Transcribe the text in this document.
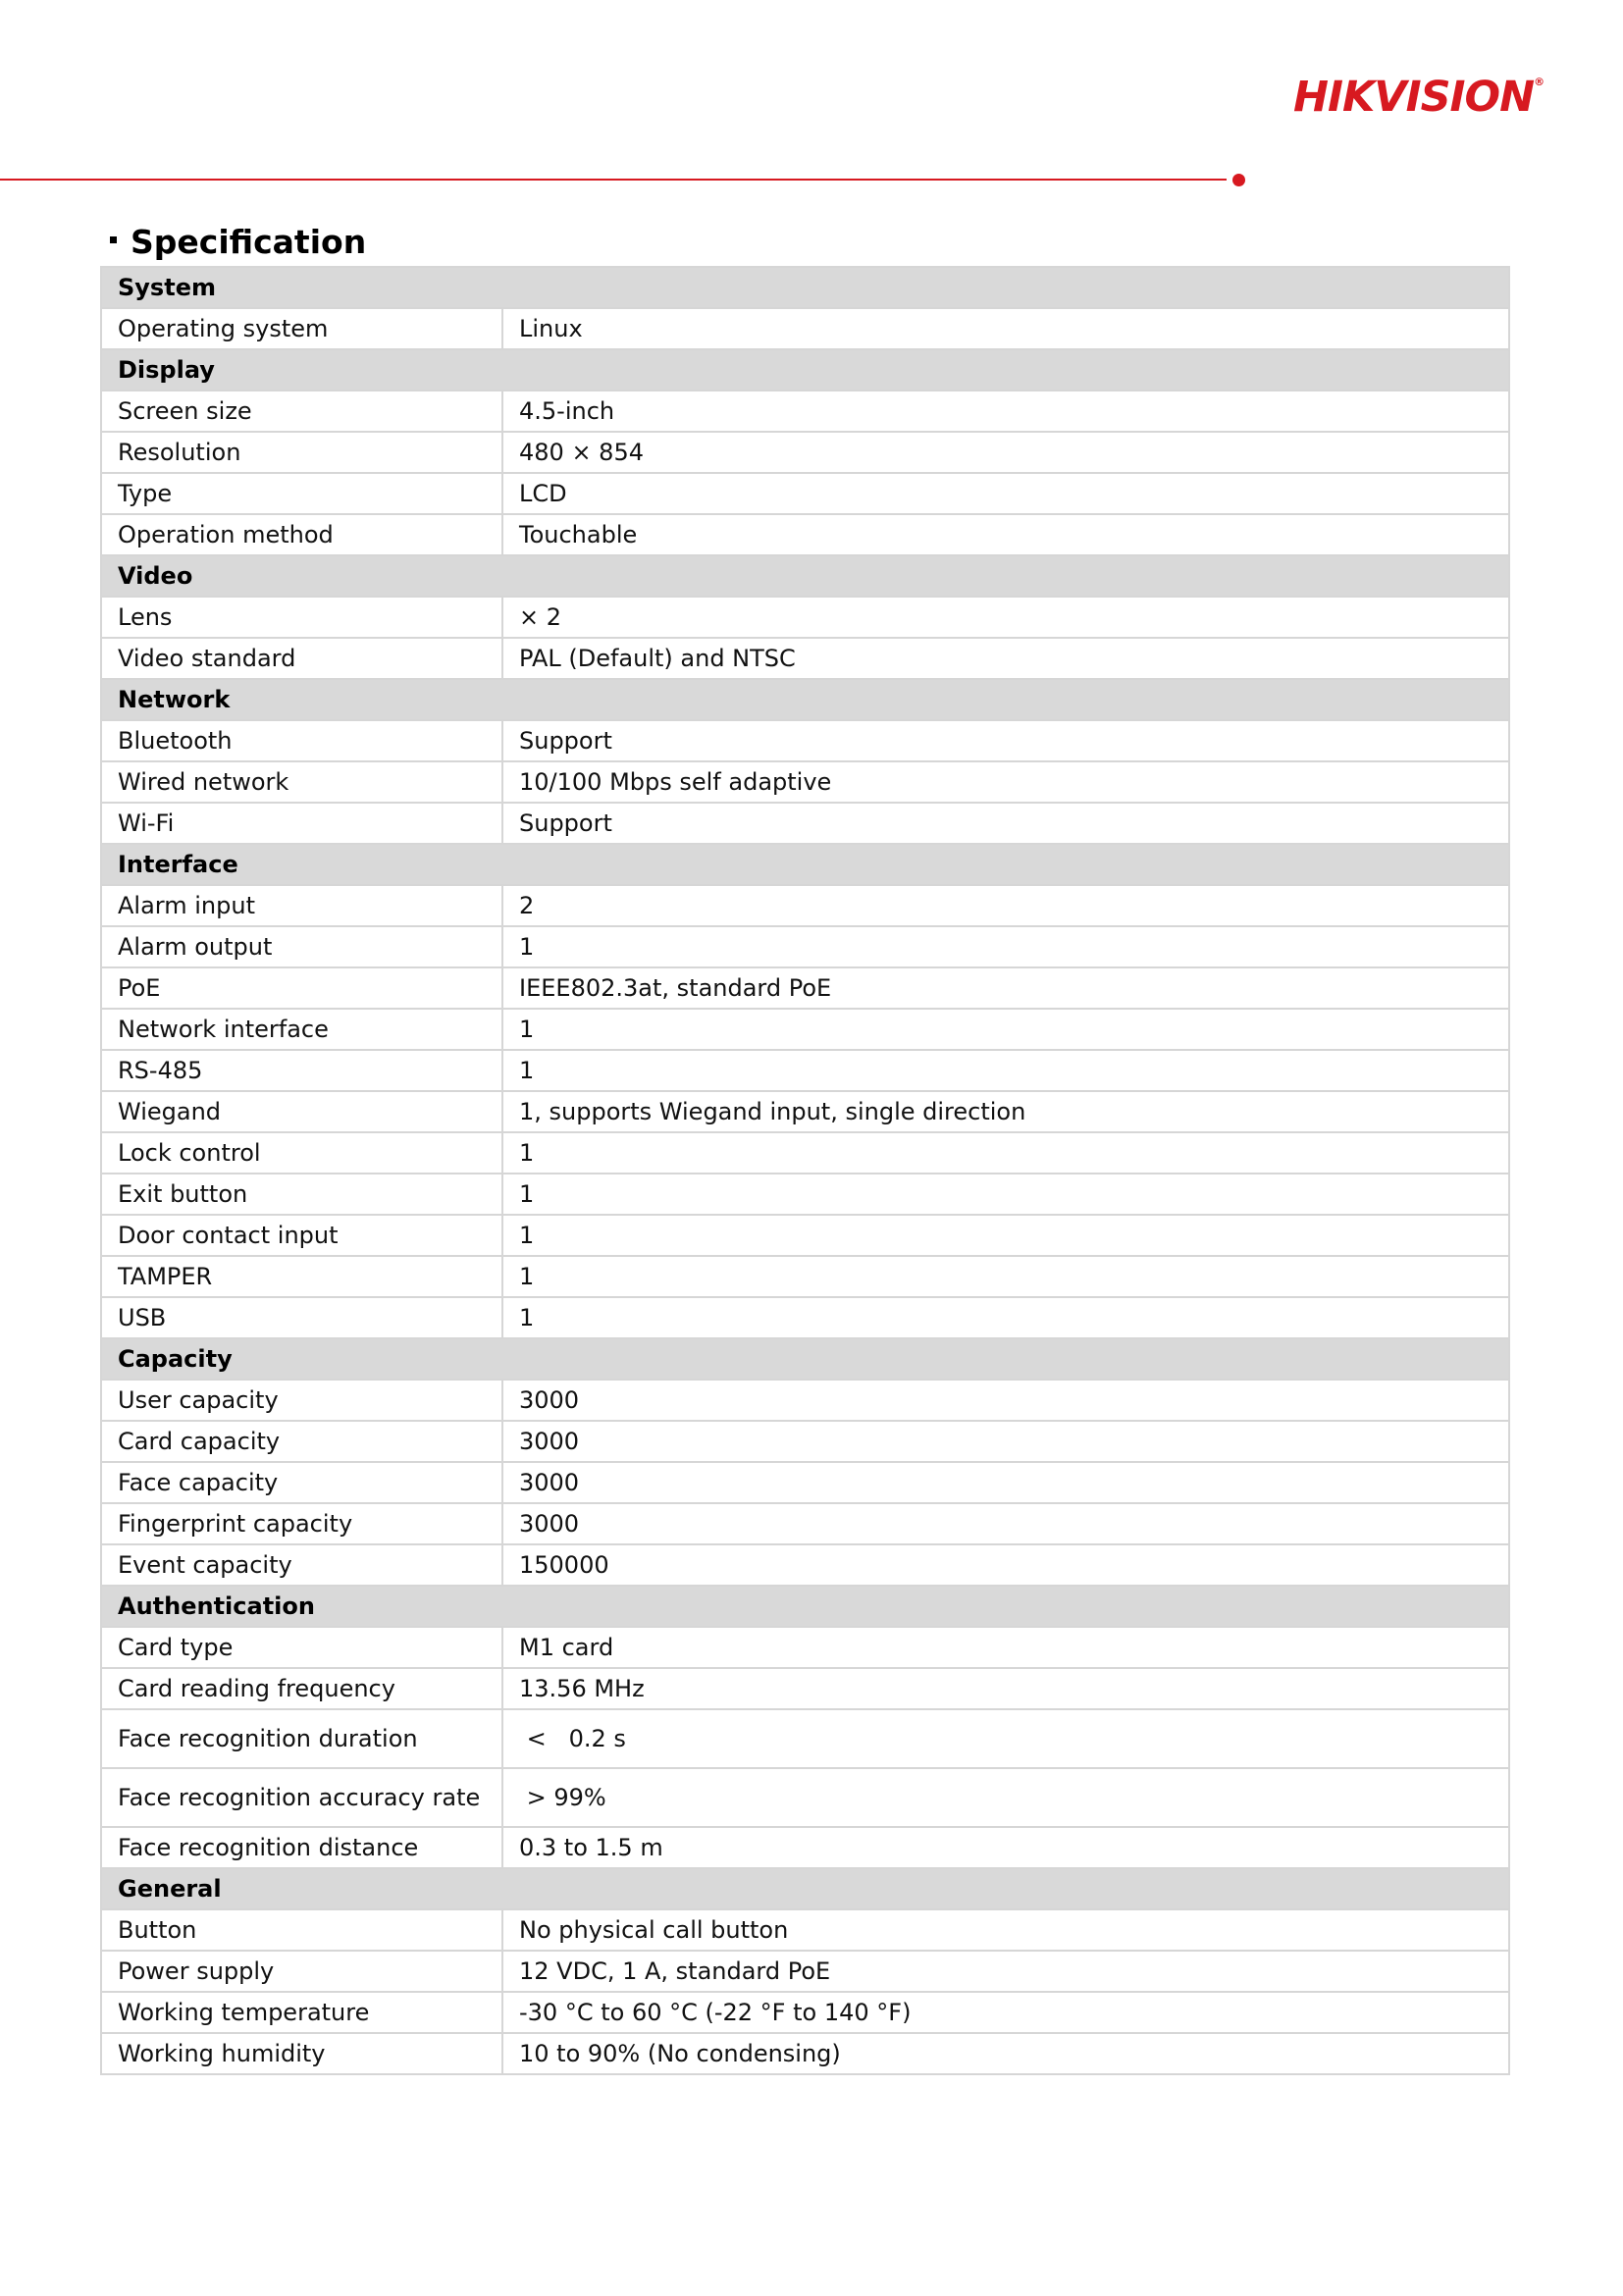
HIKVISION®
Specification
System	
Operating system	Linux
Display	
Screen size	4.5-inch
Resolution	480 × 854
Type	LCD
Operation method	Touchable
Video	
Lens	× 2
Video standard	PAL (Default) and NTSC
Network	
Bluetooth	Support
Wired network	10/100 Mbps self adaptive
Wi-Fi	Support
Interface	
Alarm input	2
Alarm output	1
PoE	IEEE802.3at, standard PoE
Network interface	1
RS-485	1
Wiegand	1, supports Wiegand input, single direction
Lock control	1
Exit button	1
Door contact input	1
TAMPER	1
USB	1
Capacity	
User capacity	3000
Card capacity	3000
Face capacity	3000
Fingerprint capacity	3000
Event capacity	150000
Authentication	
Card type	M1 card
Card reading frequency	13.56 MHz
Face recognition duration	<   0.2 s
Face recognition accuracy rate	> 99%
Face recognition distance	0.3 to 1.5 m
General	
Button	No physical call button
Power supply	12 VDC, 1 A, standard PoE
Working temperature	-30 °C to 60 °C (-22 °F to 140 °F)
Working humidity	10 to 90% (No condensing)
